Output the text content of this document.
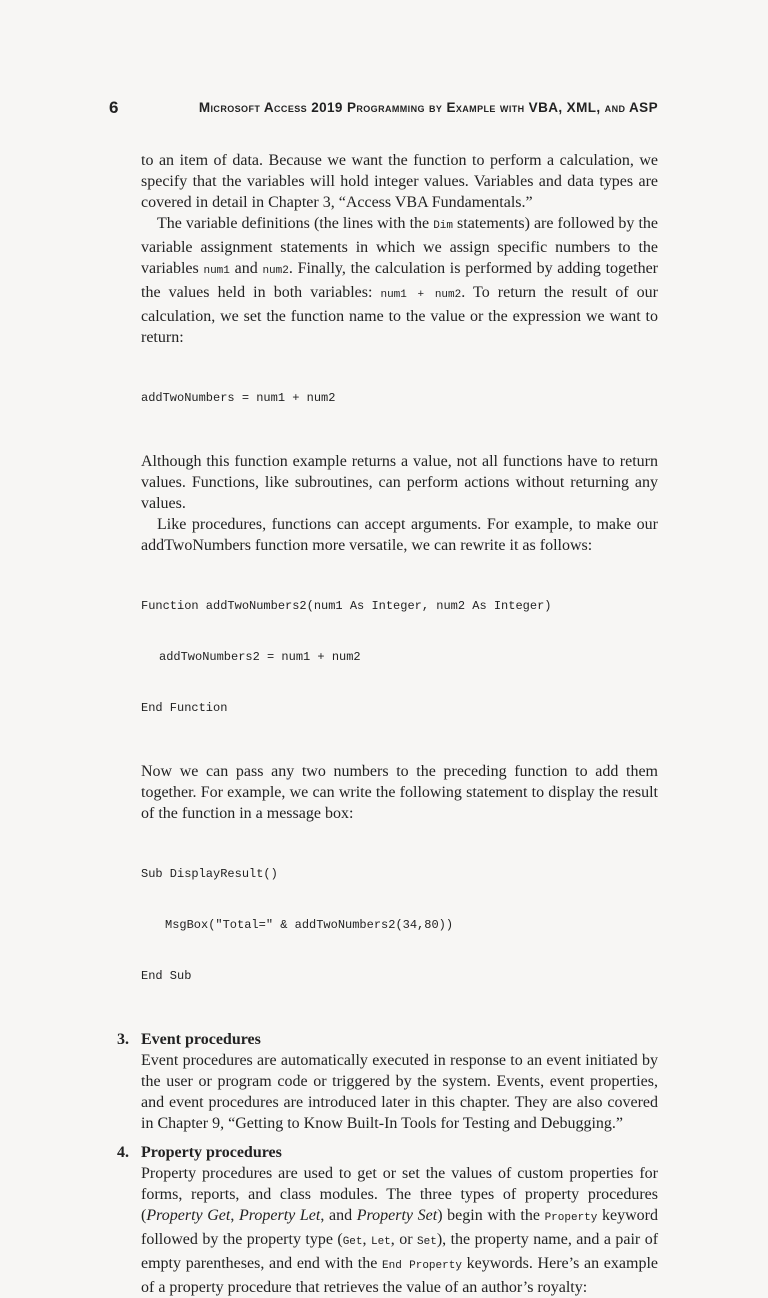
6	Microsoft Access 2019 Programming by Example with VBA, XML, and ASP

to an item of data. Because we want the function to perform a calculation, we specify that the variables will hold integer values. Variables and data types are covered in detail in Chapter 3, “Access VBA Fundamentals.”

The variable definitions (the lines with the Dim statements) are followed by the variable assignment statements in which we assign specific numbers to the variables num1 and num2. Finally, the calculation is performed by adding together the values held in both variables: num1 + num2. To return the result of our calculation, we set the function name to the value or the expression we want to return:

addTwoNumbers = num1 + num2

Although this function example returns a value, not all functions have to return values. Functions, like subroutines, can perform actions without returning any values.

Like procedures, functions can accept arguments. For example, to make our addTwoNumbers function more versatile, we can rewrite it as follows:

Function addTwoNumbers2(num1 As Integer, num2 As Integer)

addTwoNumbers2 = num1 + num2

End Function

Now we can pass any two numbers to the preceding function to add them together. For example, we can write the following statement to display the result of the function in a message box:

Sub DisplayResult()

MsgBox("Total=" & addTwoNumbers2(34,80))

End Sub

3. Event procedures

Event procedures are automatically executed in response to an event initiated by the user or program code or triggered by the system. Events, event properties, and event procedures are introduced later in this chapter. They are also covered in Chapter 9, “Getting to Know Built-In Tools for Testing and Debugging.”

4. Property procedures

Property procedures are used to get or set the values of custom properties for forms, reports, and class modules. The three types of property procedures (Property Get, Property Let, and Property Set) begin with the Property keyword followed by the property type (Get, Let, or Set), the property name, and a pair of empty parentheses, and end with the End Property keywords. Here’s an example of a property procedure that retrieves the value of an author’s royalty:
